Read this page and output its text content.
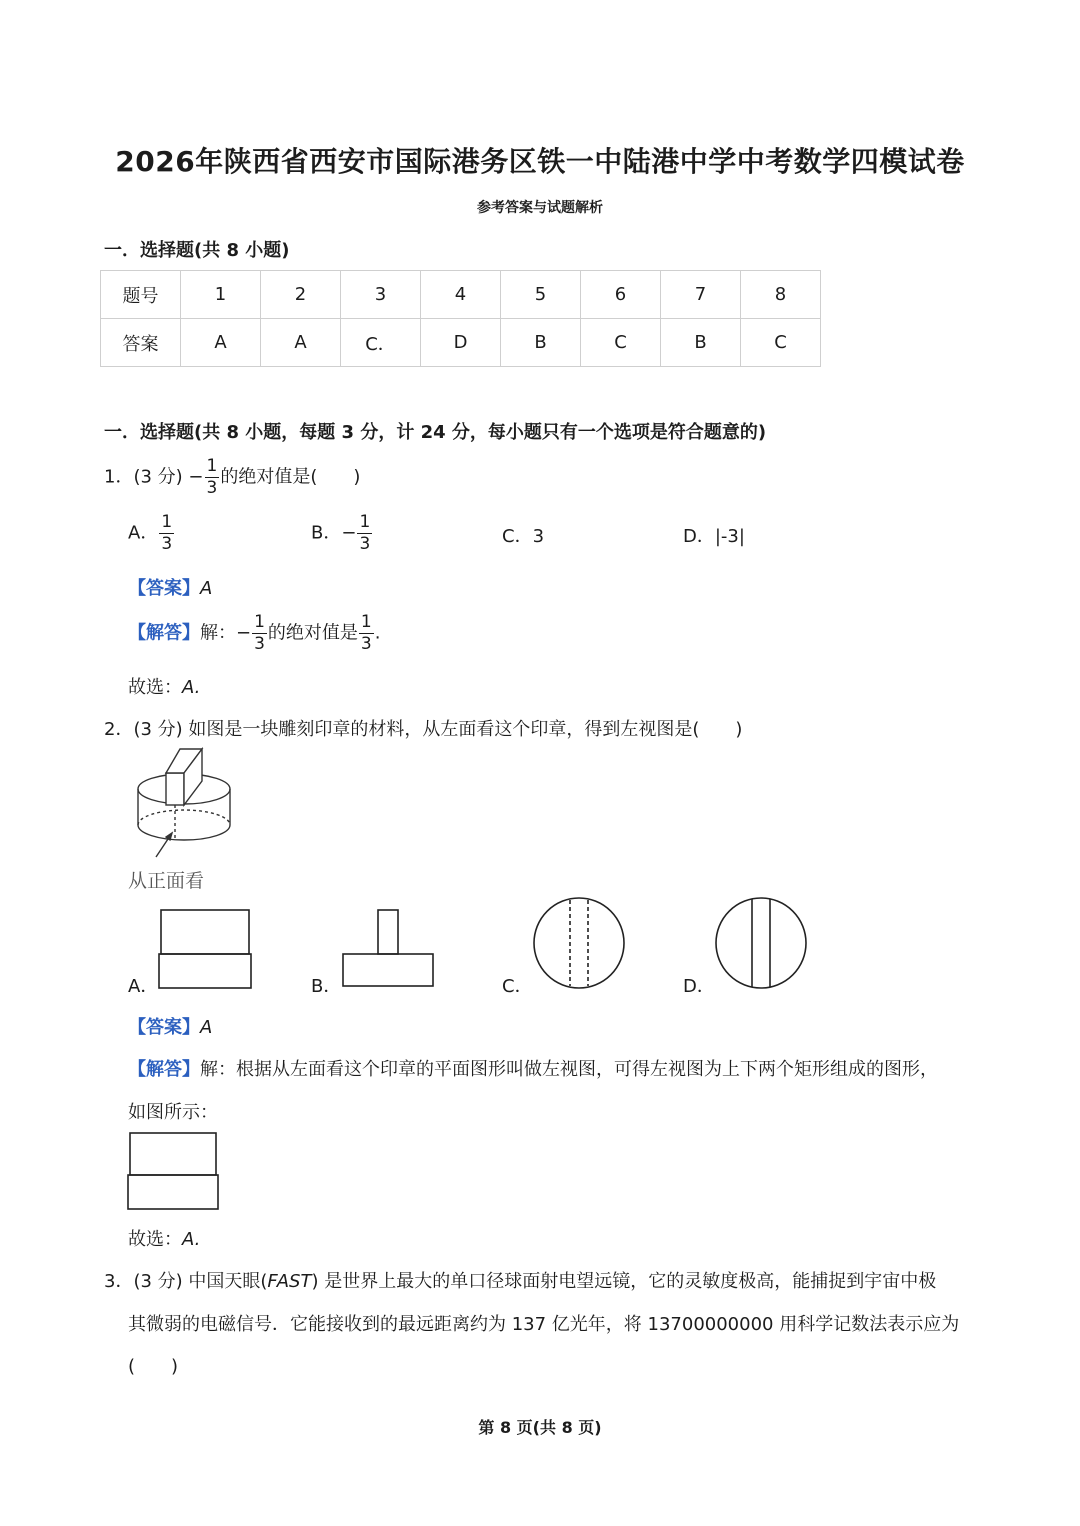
2026年陕西省西安市国际港务区铁一中陆港中学中考数学四模试卷
参考答案与试题解析
一．选择题(共 8 小题)
题号	1	2	3	4	5	6	7	8
答案	A	A	C．	D	B	C	B	C
一．选择题(共 8 小题，每题 3 分，计 24 分，每小题只有一个选项是符合题意的)
1．(3 分) − $\frac{1}{3}$ 的绝对值是(　　)
A． $\frac{1}{3}$	B．− $\frac{1}{3}$	C．3	D．|-3|
【答案】A
【解答】解：− $\frac{1}{3}$ 的绝对值是 $\frac{1}{3}$ .
故选：A.
2．(3 分) 如图是一块雕刻印章的材料，从左面看这个印章，得到左视图是(　　)
从正面看
A．	B．	C．	D．
【答案】A
【解答】解：根据从左面看这个印章的平面图形叫做左视图，可得左视图为上下两个矩形组成的图形，
如图所示：
故选：A.
3．(3 分) 中国天眼(FAST) 是世界上最大的单口径球面射电望远镜，它的灵敏度极高，能捕捉到宇宙中极
其微弱的电磁信号．它能接收到的最远距离约为 137 亿光年，将 13700000000 用科学记数法表示应为
(　　)
第 8 页(共 8 页)
